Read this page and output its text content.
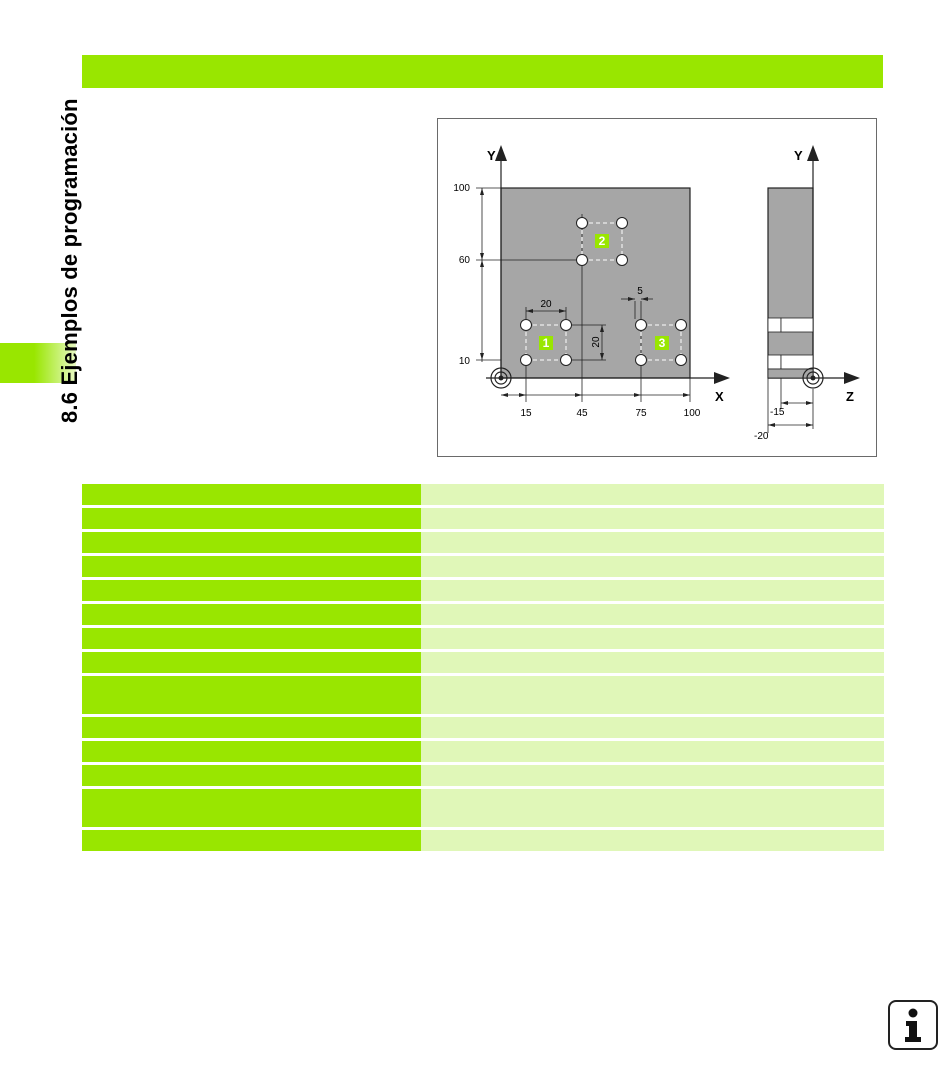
8.6 Ejemplos de programación	Y
X
100
60
10
15	45	75	100
20
20
1
2
3
5
Y
Z
-15
-20
